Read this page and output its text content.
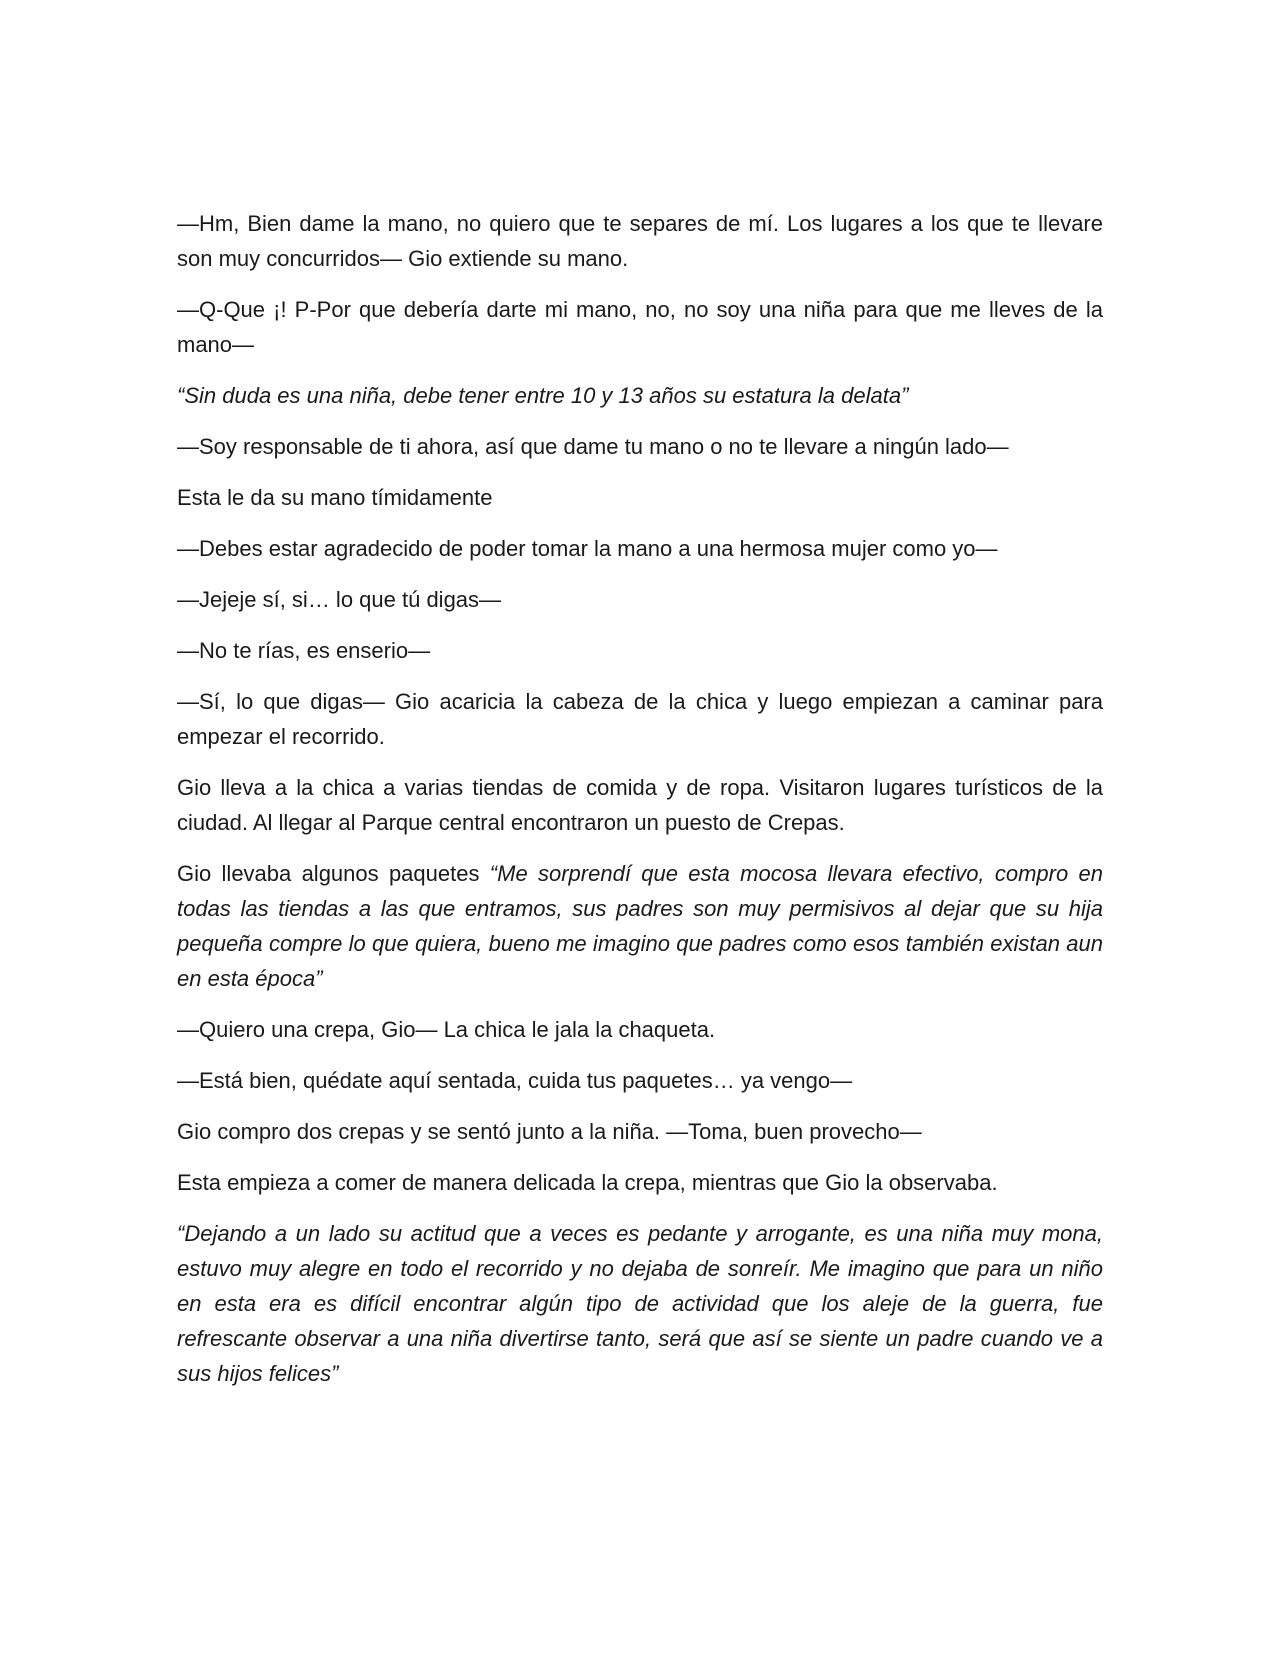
—Hm, Bien dame la mano, no quiero que te separes de mí. Los lugares a los que te llevare son muy concurridos— Gio extiende su mano.

—Q-Que ¡! P-Por que debería darte mi mano, no, no soy una niña para que me lleves de la mano—

“Sin duda es una niña, debe tener entre 10 y 13 años su estatura la delata”

—Soy responsable de ti ahora, así que dame tu mano o no te llevare a ningún lado—

Esta le da su mano tímidamente

—Debes estar agradecido de poder tomar la mano a una hermosa mujer como yo—

—Jejeje sí, si… lo que tú digas—

—No te rías, es enserio—

—Sí, lo que digas— Gio acaricia la cabeza de la chica y luego empiezan a caminar para empezar el recorrido.

Gio lleva a la chica a varias tiendas de comida y de ropa. Visitaron lugares turísticos de la ciudad. Al llegar al Parque central encontraron un puesto de Crepas.

Gio llevaba algunos paquetes “Me sorprendí que esta mocosa llevara efectivo, compro en todas las tiendas a las que entramos, sus padres son muy permisivos al dejar que su hija pequeña compre lo que quiera, bueno me imagino que padres como esos también existan aun en esta época”

—Quiero una crepa, Gio— La chica le jala la chaqueta.

—Está bien, quédate aquí sentada, cuida tus paquetes… ya vengo—

Gio compro dos crepas y se sentó junto a la niña. —Toma, buen provecho—

Esta empieza a comer de manera delicada la crepa, mientras que Gio la observaba.

“Dejando a un lado su actitud que a veces es pedante y arrogante, es una niña muy mona, estuvo muy alegre en todo el recorrido y no dejaba de sonreír. Me imagino que para un niño en esta era es difícil encontrar algún tipo de actividad que los aleje de la guerra, fue refrescante observar a una niña divertirse tanto, será que así se siente un padre cuando ve a sus hijos felices”
